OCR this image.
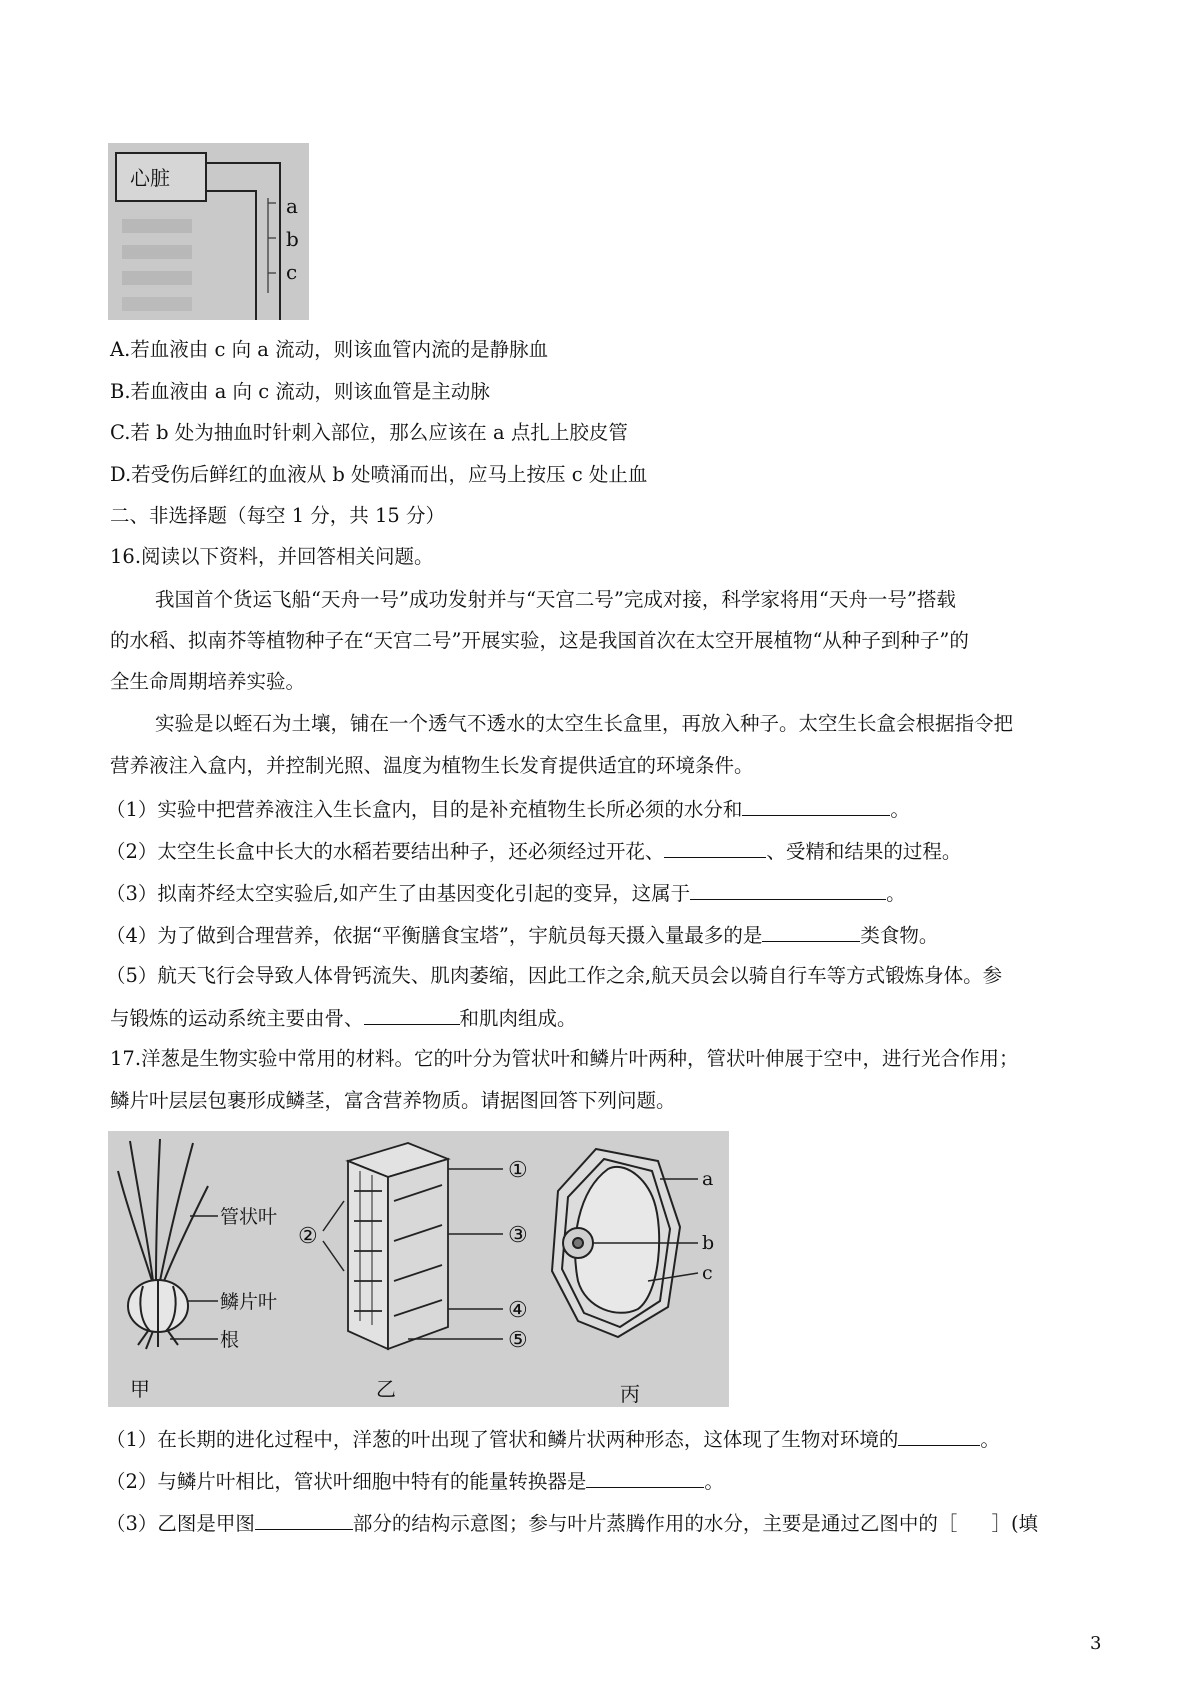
心脏
a
b
c
A.若血液由 c 向 a 流动，则该血管内流的是静脉血
B.若血液由 a 向 c 流动，则该血管是主动脉
C.若 b 处为抽血时针刺入部位，那么应该在 a 点扎上胶皮管
D.若受伤后鲜红的血液从 b 处喷涌而出，应马上按压 c 处止血
二、非选择题（每空 1 分，共 15 分）
16.阅读以下资料，并回答相关问题。
我国首个货运飞船“天舟一号”成功发射并与“天宫二号”完成对接，科学家将用“天舟一号”搭载
的水稻、拟南芥等植物种子在“天宫二号”开展实验，这是我国首次在太空开展植物“从种子到种子”的
全生命周期培养实验。
实验是以蛭石为土壤，铺在一个透气不透水的太空生长盒里，再放入种子。太空生长盒会根据指令把
营养液注入盒内，并控制光照、温度为植物生长发育提供适宜的环境条件。
（1）实验中把营养液注入生长盒内，目的是补充植物生长所必须的水分和	。
（2）太空生长盒中长大的水稻若要结出种子，还必须经过开花、	、受精和结果的过程。
（3）拟南芥经太空实验后,如产生了由基因变化引起的变异，这属于	。
（4）为了做到合理营养，依据“平衡膳食宝塔”，宇航员每天摄入量最多的是	类食物。
（5）航天飞行会导致人体骨钙流失、肌肉萎缩，因此工作之余,航天员会以骑自行车等方式锻炼身体。参
与锻炼的运动系统主要由骨、	和肌肉组成。
17.洋葱是生物实验中常用的材料。它的叶分为管状叶和鳞片叶两种，管状叶伸展于空中，进行光合作用；
鳞片叶层层包裹形成鳞茎，富含营养物质。请据图回答下列问题。
管状叶
鳞片叶
根
①
②	③
④
⑤
a
b
c
甲	乙	丙
（1）在长期的进化过程中，洋葱的叶出现了管状和鳞片状两种形态，这体现了生物对环境的	。
（2）与鳞片叶相比，管状叶细胞中特有的能量转换器是	。
（3）乙图是甲图	部分的结构示意图；参与叶片蒸腾作用的水分，主要是通过乙图中的［ ］(填
3
